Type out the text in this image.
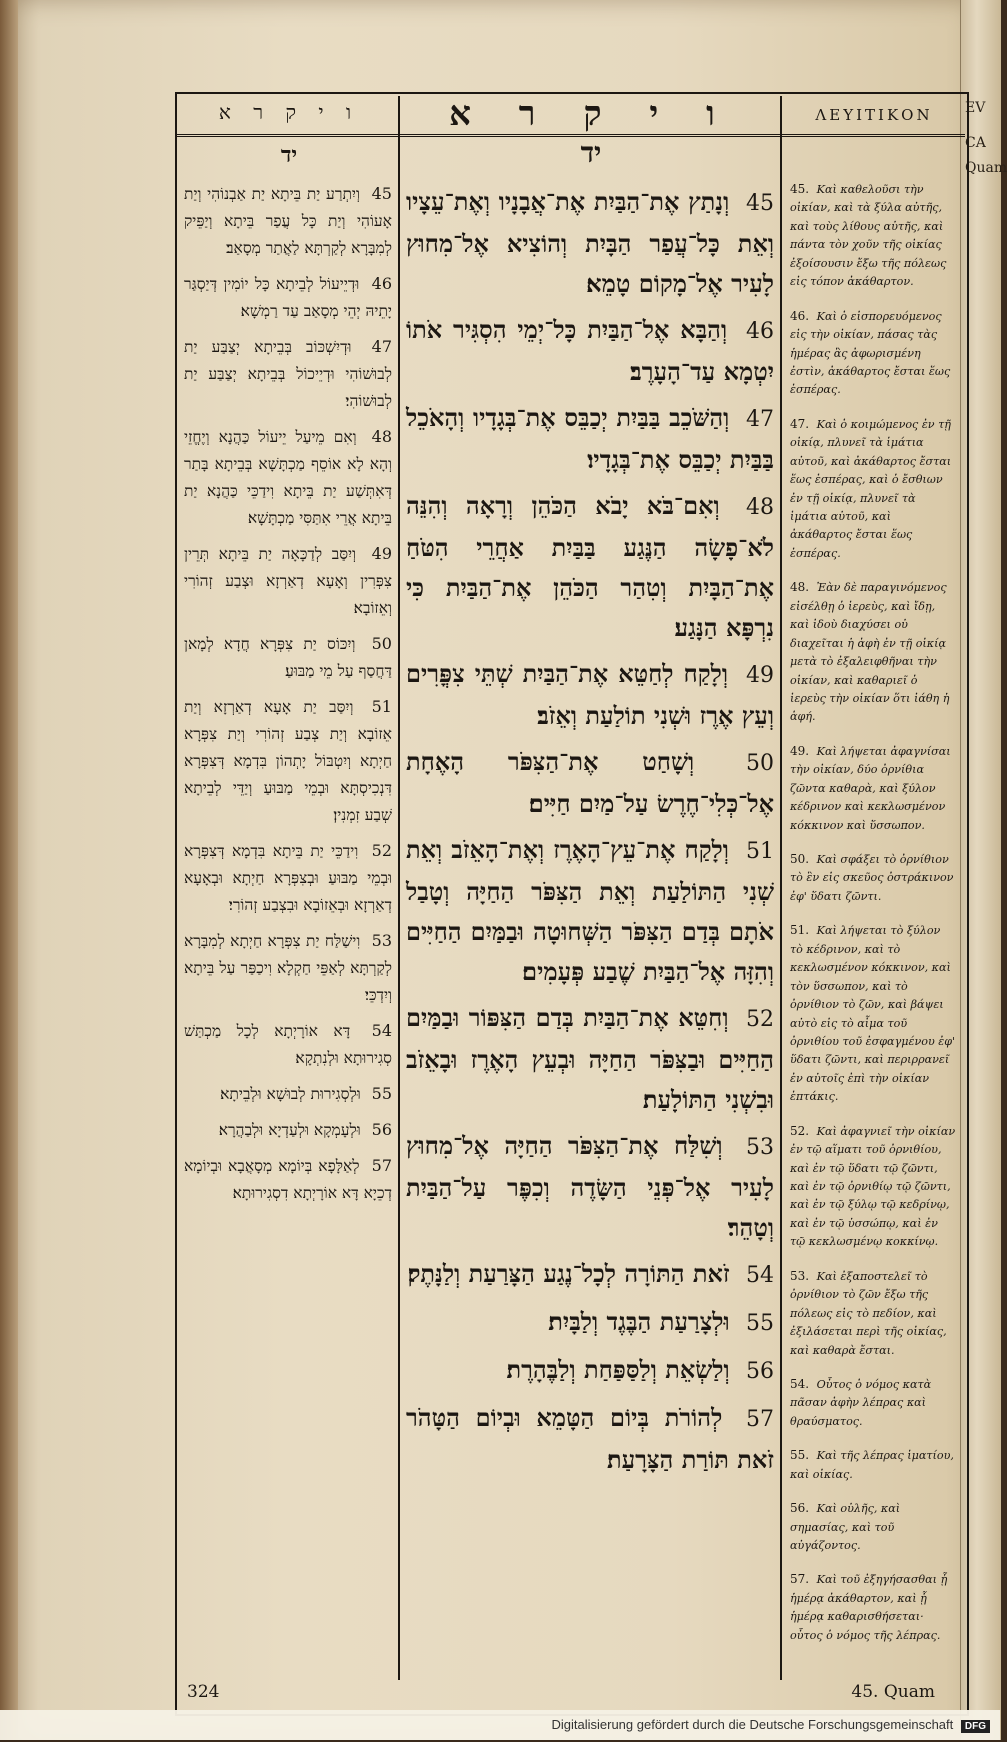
EV
CA
Quam
ו י ק ר א
יד
45 וְיִתְרַע יַת בֵּיתָא יַת אַבְנוֹהִי וְיַת אָעוֹהִי וְיַת כָּל עֲפַר בֵּיתָא וְיַפֵּיק לְמִבָּרָא לְקַרְתָּא לַאֲתַר מְסָאַב׃
46 וּדְיֵיעוֹל לְבֵיתָא כָּל יוֹמִין דְּיַסְגַּר יָתֵיהּ יְהֵי מְסָאַב עַד רַמְשָׁא׃
47 וּדְיִשְׁכּוֹב בְּבֵיתָא יְצַבַּע יַת לְבוּשׁוֹהִי וּדְיֵיכוֹל בְּבֵיתָא יְצַבַּע יַת לְבוּשׁוֹהִי׃
48 וְאִם מֵיעַל יֵיעוֹל כַּהֲנָא וְיֶחֱזֵי וְהָא לָא אוֹסֵף מַכְתָּשָׁא בְּבֵיתָא בָּתַר דְּאִתְּשַׁע יַת בֵּיתָא וִידַכֵּי כַּהֲנָא יַת בֵּיתָא אֲרֵי אִתַּסִּי מַכְתָּשָׁא׃
49 וְיִסַּב לְדַכָּאָה יַת בֵּיתָא תְּרֵין צִפְּרִין וְאָעָא דְאַרְזָא וּצְבַע זְהוֹרִי וְאֵזוֹבָא׃
50 וְיִכּוֹס יַת צִפְּרָא חֲדָא לְמָאן דַּחֲסַף עַל מֵי מַבּוּעַ׃
51 וְיִסַּב יַת אָעָא דְאַרְזָא וְיַת אֵזוֹבָא וְיַת צְבַע זְהוֹרִי וְיַת צִפְּרָא חַיְתָא וְיִטְבּוֹל יָתְהוֹן בִּדְמָא דְּצִפְּרָא דִּנְכִיסְתָּא וּבְמֵי מַבּוּעַ וְיַדֵּי לְבֵיתָא שְׁבַע זִמְנִין׃
52 וִידַכֵּי יַת בֵּיתָא בִּדְמָא דְּצִפְּרָא וּבְמֵי מַבּוּעַ וּבְצִפְּרָא חַיְתָא וּבְאָעָא דְאַרְזָא וּבְאֵזוֹבָא וּבִצְבַע זְהוֹרִי׃
53 וִישַׁלַּח יַת צִפְּרָא חַיְתָא לְמִבָּרָא לְקַרְתָּא לְאַפֵּי חַקְלָא וִיכַפַּר עַל בֵּיתָא וְיִדְכֵּי׃
54 דָּא אוֹרָיְתָא לְכָל מַכְתַּשׁ סְגִירוּתָא וּלְנִתְקָא׃
55 וּלְסְגִירוּת לְבוּשָׁא וּלְבֵיתָא׃
56 וּלְעָמְקָא וּלְעַדְיָא וּלְבַהֲרָא׃
57 לְאַלָּפָא בְּיוֹמָא מְסָאֲבָא וּבְיוֹמָא דְכֵיָא דָּא אוֹרָיְתָא דִסְגִירוּתָא׃
ו י ק ר א
יד
45 וְנָתַץ אֶת־הַבַּיִת אֶת־אֲבָנָיו וְאֶת־עֵצָיו וְאֵת כָּל־עֲפַר הַבָּיִת וְהוֹצִיא אֶל־מִחוּץ לָעִיר אֶל־מָקוֹם טָמֵא׃
46 וְהַבָּא אֶל־הַבַּיִת כָּל־יְמֵי הִסְגִּיר אֹתוֹ יִטְמָא עַד־הָעָרֶב׃
47 וְהַשֹּׁכֵב בַּבַּיִת יְכַבֵּס אֶת־בְּגָדָיו וְהָאֹכֵל בַּבַּיִת יְכַבֵּס אֶת־בְּגָדָיו׃
48 וְאִם־בֹּא יָבֹא הַכֹּהֵן וְרָאָה וְהִנֵּה לֹא־פָשָׂה הַנֶּגַע בַּבַּיִת אַחֲרֵי הִטֹּחַ אֶת־הַבָּיִת וְטִהַר הַכֹּהֵן אֶת־הַבַּיִת כִּי נִרְפָּא הַנָּגַע׃
49 וְלָקַח לְחַטֵּא אֶת־הַבַּיִת שְׁתֵּי צִפֳּרִים וְעֵץ אֶרֶז וּשְׁנִי תוֹלַעַת וְאֵזֹב׃
50 וְשָׁחַט אֶת־הַצִּפֹּר הָאֶחָת אֶל־כְּלִי־חֶרֶשׂ עַל־מַיִם חַיִּים׃
51 וְלָקַח אֶת־עֵץ־הָאֶרֶז וְאֶת־הָאֵזֹב וְאֵת שְׁנִי הַתּוֹלַעַת וְאֵת הַצִּפֹּר הַחַיָּה וְטָבַל אֹתָם בְּדַם הַצִּפֹּר הַשְּׁחוּטָה וּבַמַּיִם הַחַיִּים וְהִזָּה אֶל־הַבַּיִת שֶׁבַע פְּעָמִים׃
52 וְחִטֵּא אֶת־הַבַּיִת בְּדַם הַצִּפּוֹר וּבַמַּיִם הַחַיִּים וּבַצִּפֹּר הַחַיָּה וּבְעֵץ הָאֶרֶז וּבָאֵזֹב וּבִשְׁנִי הַתּוֹלָעַת׃
53 וְשִׁלַּח אֶת־הַצִּפֹּר הַחַיָּה אֶל־מִחוּץ לָעִיר אֶל־פְּנֵי הַשָּׂדֶה וְכִפֶּר עַל־הַבַּיִת וְטָהֵר׃
54 זֹאת הַתּוֹרָה לְכָל־נֶגַע הַצָּרַעַת וְלַנָּתֶק׃
55 וּלְצָרַעַת הַבֶּגֶד וְלַבָּיִת׃
56 וְלַשְׂאֵת וְלַסַּפַּחַת וְלַבֶּהָרֶת׃
57 לְהוֹרֹת בְּיוֹם הַטָּמֵא וּבְיוֹם הַטָּהֹר זֹאת תּוֹרַת הַצָּרָעַת׃
ΛΕΥΙΤΙΚΟΝ
45. Καὶ καθελοῦσι τὴν οἰκίαν, καὶ τὰ ξύλα αὐτῆς, καὶ τοὺς λίθους αὐτῆς, καὶ πάντα τὸν χοῦν τῆς οἰκίας ἐξοίσουσιν ἔξω τῆς πόλεως εἰς τόπον ἀκάθαρτον.
46. Καὶ ὁ εἰσπορευόμενος εἰς τὴν οἰκίαν, πάσας τὰς ἡμέρας ἃς ἀφωρισμένη ἐστὶν, ἀκάθαρτος ἔσται ἕως ἑσπέρας.
47. Καὶ ὁ κοιμώμενος ἐν τῇ οἰκίᾳ, πλυνεῖ τὰ ἱμάτια αὐτοῦ, καὶ ἀκάθαρτος ἔσται ἕως ἑσπέρας, καὶ ὁ ἔσθιων ἐν τῇ οἰκίᾳ, πλυνεῖ τὰ ἱμάτια αὐτοῦ, καὶ ἀκάθαρτος ἔσται ἕως ἑσπέρας.
48. Ἐὰν δὲ παραγινόμενος εἰσέλθῃ ὁ ἱερεὺς, καὶ ἴδῃ, καὶ ἰδοὺ διαχύσει οὐ διαχεῖται ἡ ἁφὴ ἐν τῇ οἰκίᾳ μετὰ τὸ ἐξαλειφθῆναι τὴν οἰκίαν, καὶ καθαριεῖ ὁ ἱερεὺς τὴν οἰκίαν ὅτι ἰάθη ἡ ἁφή.
49. Καὶ λήψεται ἀφαγνίσαι τὴν οἰκίαν, δύο ὀρνίθια ζῶντα καθαρὰ, καὶ ξύλον κέδρινον καὶ κεκλωσμένον κόκκινον καὶ ὕσσωπον.
50. Καὶ σφάξει τὸ ὀρνίθιον τὸ ἓν εἰς σκεῦος ὀστράκινον ἐφ' ὕδατι ζῶντι.
51. Καὶ λήψεται τὸ ξύλον τὸ κέδρινον, καὶ τὸ κεκλωσμένον κόκκινον, καὶ τὸν ὕσσωπον, καὶ τὸ ὀρνίθιον τὸ ζῶν, καὶ βάψει αὐτὸ εἰς τὸ αἷμα τοῦ ὀρνιθίου τοῦ ἐσφαγμένου ἐφ' ὕδατι ζῶντι, καὶ περιρρανεῖ ἐν αὐτοῖς ἐπὶ τὴν οἰκίαν ἑπτάκις.
52. Καὶ ἀφαγνιεῖ τὴν οἰκίαν ἐν τῷ αἵματι τοῦ ὀρνιθίου, καὶ ἐν τῷ ὕδατι τῷ ζῶντι, καὶ ἐν τῷ ὀρνιθίῳ τῷ ζῶντι, καὶ ἐν τῷ ξύλῳ τῷ κεδρίνῳ, καὶ ἐν τῷ ὑσσώπῳ, καὶ ἐν τῷ κεκλωσμένῳ κοκκίνῳ.
53. Καὶ ἐξαποστελεῖ τὸ ὀρνίθιον τὸ ζῶν ἔξω τῆς πόλεως εἰς τὸ πεδίον, καὶ ἐξιλάσεται περὶ τῆς οἰκίας, καὶ καθαρὰ ἔσται.
54. Οὗτος ὁ νόμος κατὰ πᾶσαν ἁφὴν λέπρας καὶ θραύσματος.
55. Καὶ τῆς λέπρας ἱματίου, καὶ οἰκίας.
56. Καὶ οὐλῆς, καὶ σημασίας, καὶ τοῦ αὐγάζοντος.
57. Καὶ τοῦ ἐξηγήσασθαι ᾗ ἡμέρᾳ ἀκάθαρτον, καὶ ᾗ ἡμέρᾳ καθαρισθήσεται· οὗτος ὁ νόμος τῆς λέπρας.
324	45. Quam
Digitalisierung gefördert durch die Deutsche Forschungsgemeinschaft DFG
